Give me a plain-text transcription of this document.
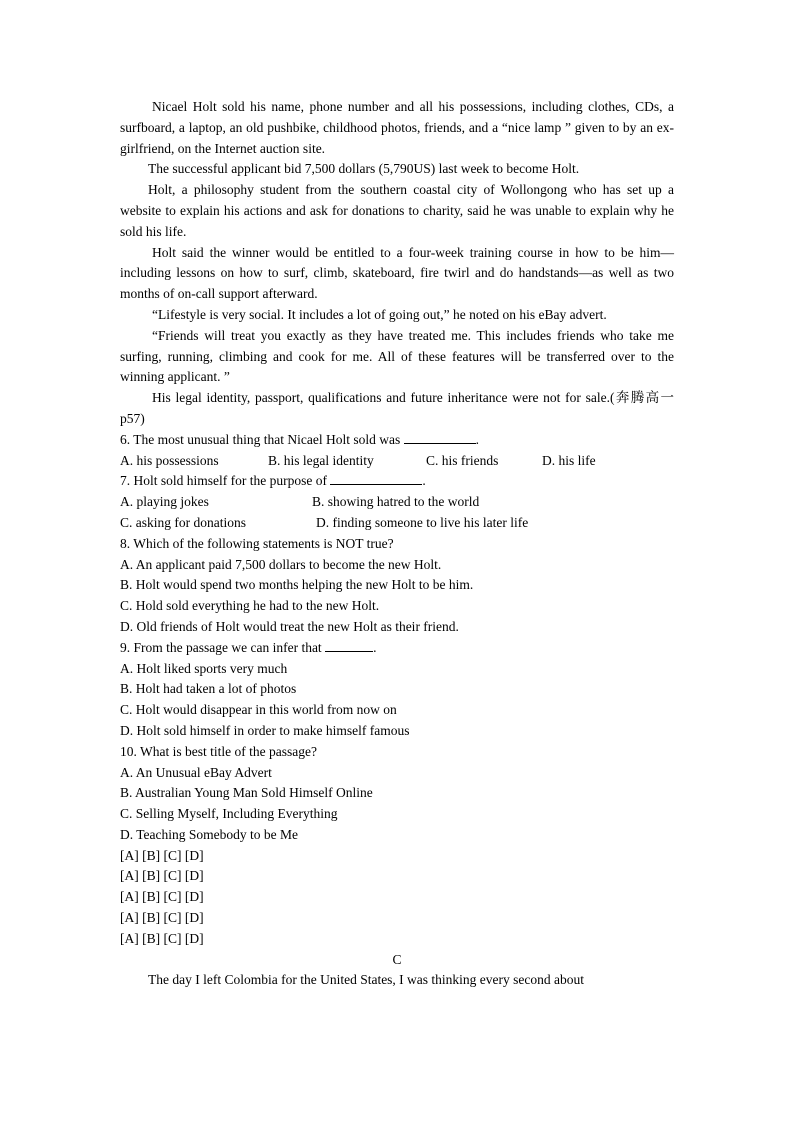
Nicael Holt sold his name, phone number and all his possessions, including clothes, CDs, a surfboard, a laptop, an old pushbike, childhood photos, friends, and a “nice lamp ” given to by an ex-girlfriend, on the Internet auction site.

The successful applicant bid 7,500 dollars (5,790US) last week to become Holt.

Holt, a philosophy student from the southern coastal city of Wollongong who has set up a website to explain his actions and ask for donations to charity, said he was unable to explain why he sold his life.

Holt said the winner would be entitled to a four-week training course in how to be him—including lessons on how to surf, climb, skateboard, fire twirl and do handstands—as well as two months of on-call support afterward.

“Lifestyle is very social. It includes a lot of going out,” he noted on his eBay advert.

“Friends will treat you exactly as they have treated me. This includes friends who take me surfing, running, climbing and cook for me. All of these features will be transferred over to the winning applicant. ”

His legal identity, passport, qualifications and future inheritance were not for sale.(奔腾高一 p57)

6. The most unusual thing that Nicael Holt sold was	.

A. his possessions	B. his legal identity	C. his friends	D. his life

7. Holt sold himself for the purpose of	.

A. playing jokes	B. showing hatred to the world
C. asking for donations	D. finding someone to live his later life

8. Which of the following statements is NOT true?

A. An applicant paid 7,500 dollars to become the new Holt.

B. Holt would spend two months helping the new Holt to be him.

C. Hold sold everything he had to the new Holt.

D. Old friends of Holt would treat the new Holt as their friend.

9. From the passage we can infer that	.

A. Holt liked sports very much

B. Holt had taken a lot of photos

C. Holt would disappear in this world from now on

D. Holt sold himself in order to make himself famous

10. What is best title of the passage?

A. An Unusual eBay Advert

B. Australian Young Man Sold Himself Online

C. Selling Myself, Including Everything

D. Teaching Somebody to be Me

[A] [B] [C] [D]

[A] [B] [C] [D]

[A] [B] [C] [D]

[A] [B] [C] [D]

[A] [B] [C] [D]

C

The day I left Colombia for the United States, I was thinking every second about
